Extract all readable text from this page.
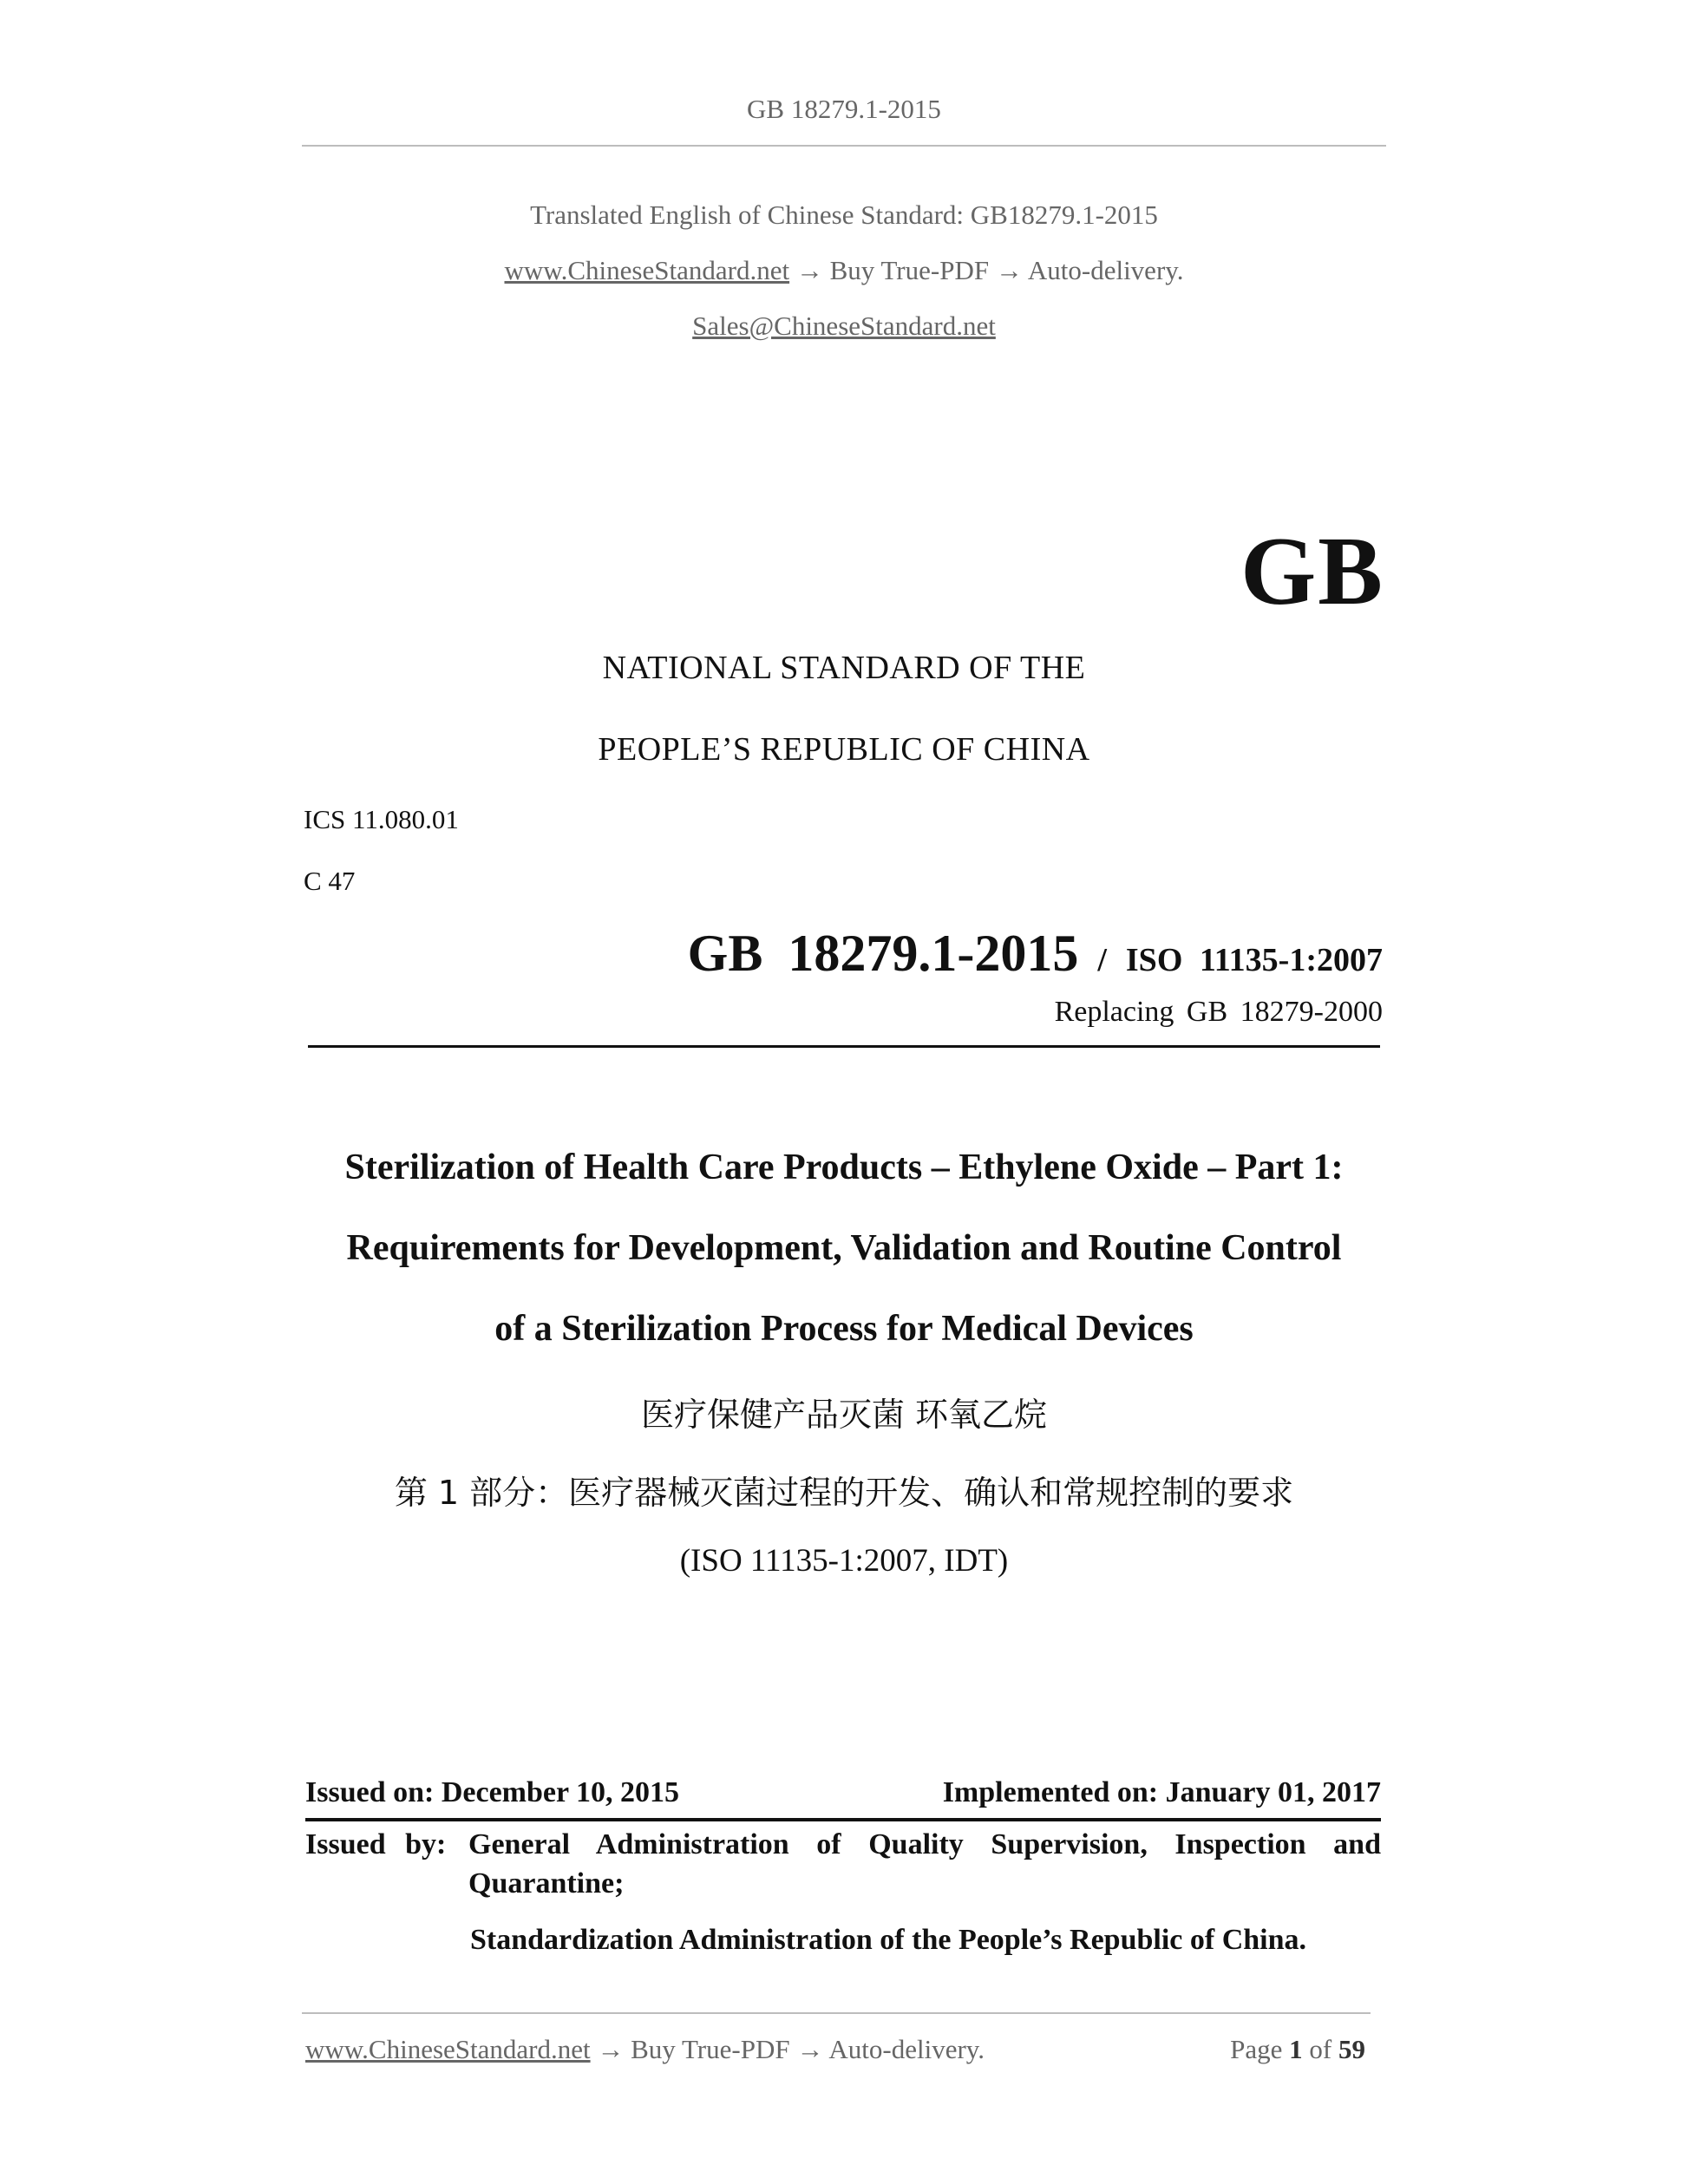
GB 18279.1-2015
Translated English of Chinese Standard: GB18279.1-2015
www.ChineseStandard.net → Buy True-PDF → Auto-delivery.
Sales@ChineseStandard.net
GB
NATIONAL STANDARD OF THE
PEOPLE’S REPUBLIC OF CHINA
ICS 11.080.01
C 47
GB 18279.1-2015 / ISO 11135-1:2007
Replacing GB 18279-2000
Sterilization of Health Care Products – Ethylene Oxide – Part 1:
Requirements for Development, Validation and Routine Control
of a Sterilization Process for Medical Devices
医疗保健产品灭菌 环氧乙烷
第 1 部分：医疗器械灭菌过程的开发、确认和常规控制的要求
(ISO 11135-1:2007, IDT)
Issued on: December 10, 2015	Implemented on: January 01, 2017
Issued by: General Administration of Quality Supervision, Inspection and
Quarantine;
Standardization Administration of the People’s Republic of China.
www.ChineseStandard.net → Buy True-PDF → Auto-delivery.	Page 1 of 59
